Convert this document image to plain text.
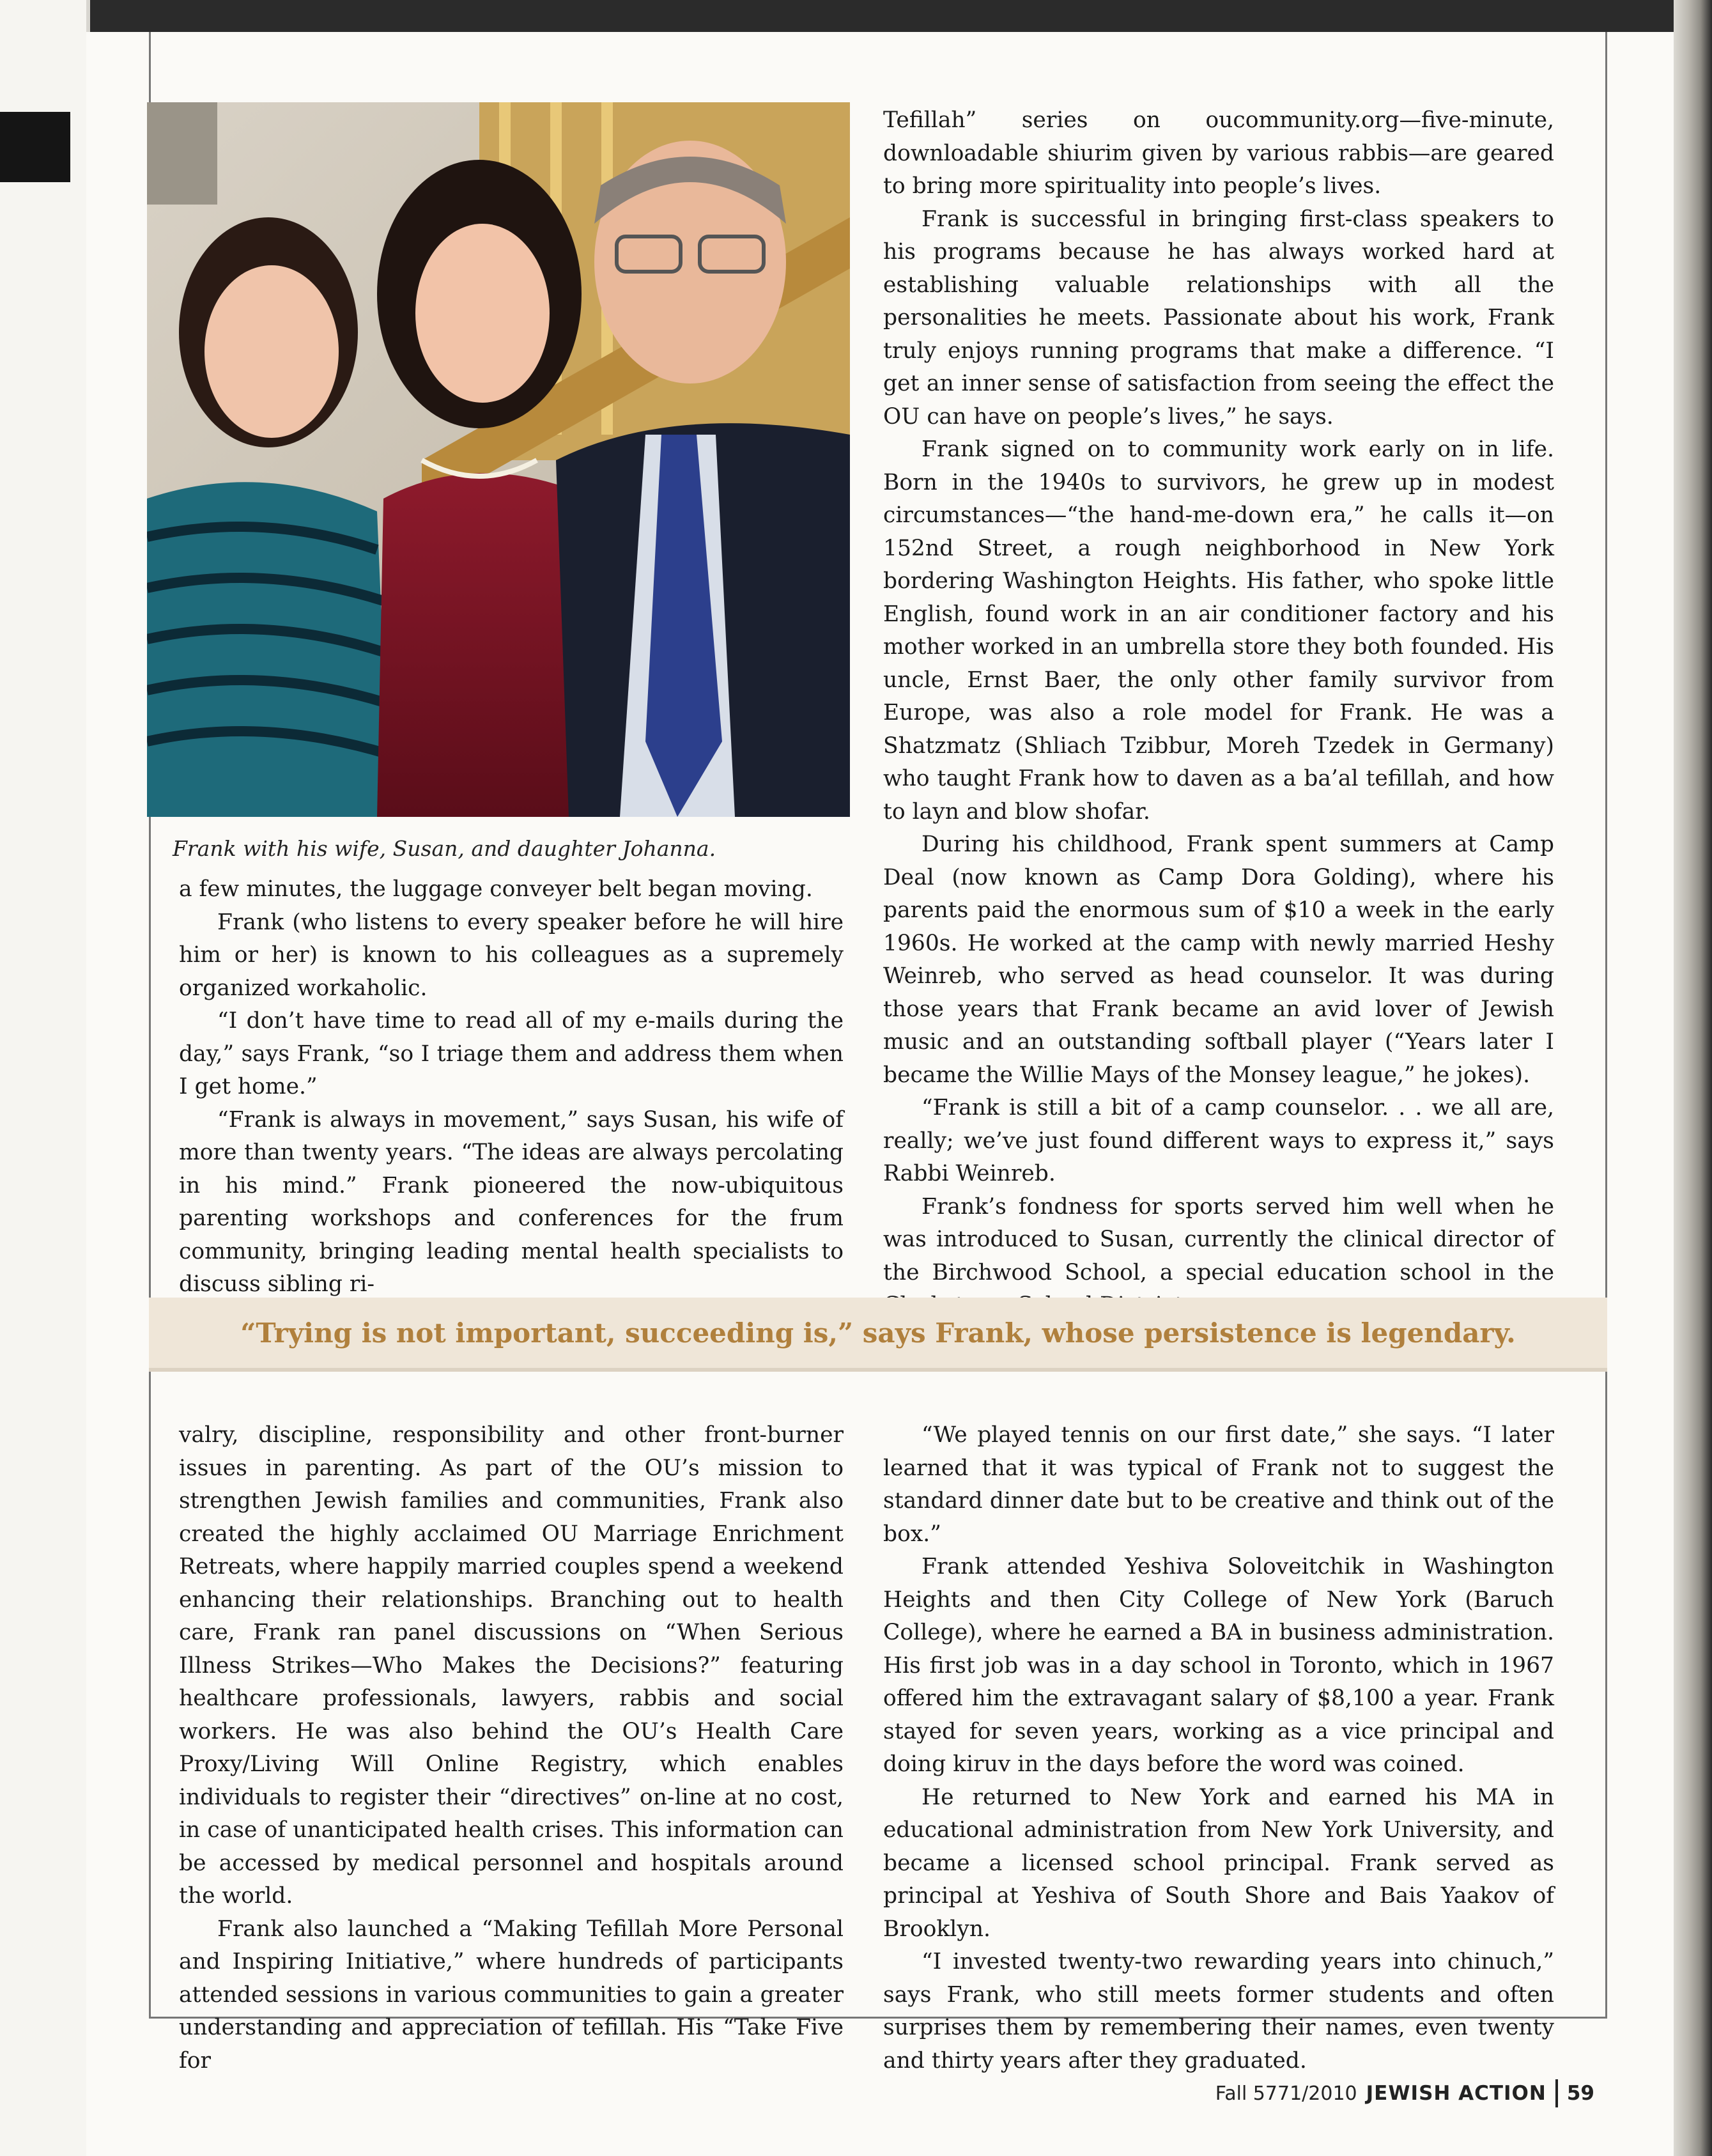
Frank with his wife, Susan, and daughter Johanna.

a few minutes, the luggage conveyer belt began moving.

Frank (who listens to every speaker before he will hire him or her) is known to his colleagues as a supremely organized workaholic.

“I don’t have time to read all of my e-mails during the day,” says Frank, “so I triage them and address them when I get home.”

“Frank is always in movement,” says Susan, his wife of more than twenty years. “The ideas are always percolating in his mind.” Frank pioneered the now-ubiquitous parenting workshops and conferences for the frum community, bringing leading mental health specialists to discuss sibling ri-

Tefillah” series on oucommunity.org—five-minute, downloadable shiurim given by various rabbis—are geared to bring more spirituality into people’s lives.

Frank is successful in bringing first-class speakers to his programs because he has always worked hard at establishing valuable relationships with all the personalities he meets. Passionate about his work, Frank truly enjoys running programs that make a difference. “I get an inner sense of satisfaction from seeing the effect the OU can have on people’s lives,” he says.

Frank signed on to community work early on in life. Born in the 1940s to survivors, he grew up in modest circumstances—“the hand-me-down era,” he calls it—on 152nd Street, a rough neighborhood in New York bordering Washington Heights. His father, who spoke little English, found work in an air conditioner factory and his mother worked in an umbrella store they both founded. His uncle, Ernst Baer, the only other family survivor from Europe, was also a role model for Frank. He was a Shatzmatz (Shliach Tzibbur, Moreh Tzedek in Germany) who taught Frank how to daven as a ba’al tefillah, and how to layn and blow shofar.

During his childhood, Frank spent summers at Camp Deal (now known as Camp Dora Golding), where his parents paid the enormous sum of $10 a week in the early 1960s. He worked at the camp with newly married Heshy Weinreb, who served as head counselor. It was during those years that Frank became an avid lover of Jewish music and an outstanding softball player (“Years later I became the Willie Mays of the Monsey league,” he jokes).

“Frank is still a bit of a camp counselor. . . we all are, really; we’ve just found different ways to express it,” says Rabbi Weinreb.

Frank’s fondness for sports served him well when he was introduced to Susan, currently the clinical director of the Birchwood School, a special education school in the

“Trying is not important, succeeding is,” says Frank, whose persistence is legendary.

valry, discipline, responsibility and other front-burner issues in parenting. As part of the OU’s mission to strengthen Jewish families and communities, Frank also created the highly acclaimed OU Marriage Enrichment Retreats, where happily married couples spend a weekend enhancing their relationships. Branching out to health care, Frank ran panel discussions on “When Serious Illness Strikes—Who Makes the Decisions?” featuring healthcare professionals, lawyers, rabbis and social workers. He was also behind the OU’s Health Care Proxy/Living Will Online Registry, which enables individuals to register their “directives” on-line at no cost, in case of unanticipated health crises. This information can be accessed by medical personnel and hospitals around the world.

Frank also launched a “Making Tefillah More Personal and Inspiring Initiative,” where hundreds of participants attended sessions in various communities to gain a greater understanding and appreciation of tefillah. His “Take Five for

“We played tennis on our first date,” she says. “I later learned that it was typical of Frank not to suggest the standard dinner date but to be creative and think out of the box.”

Frank attended Yeshiva Soloveitchik in Washington Heights and then City College of New York (Baruch College), where he earned a BA in business administration. His first job was in a day school in Toronto, which in 1967 offered him the extravagant salary of $8,100 a year. Frank stayed for seven years, working as a vice principal and doing kiruv in the days before the word was coined.

He returned to New York and earned his MA in educational administration from New York University, and became a licensed school principal. Frank served as principal at Yeshiva of South Shore and Bais Yaakov of Brooklyn.

“I invested twenty-two rewarding years into chinuch,” says Frank, who still meets former students and often surprises them by remembering their names, even twenty and thirty years after they graduated.

Fall 5771/2010 JEWISH ACTION 59
